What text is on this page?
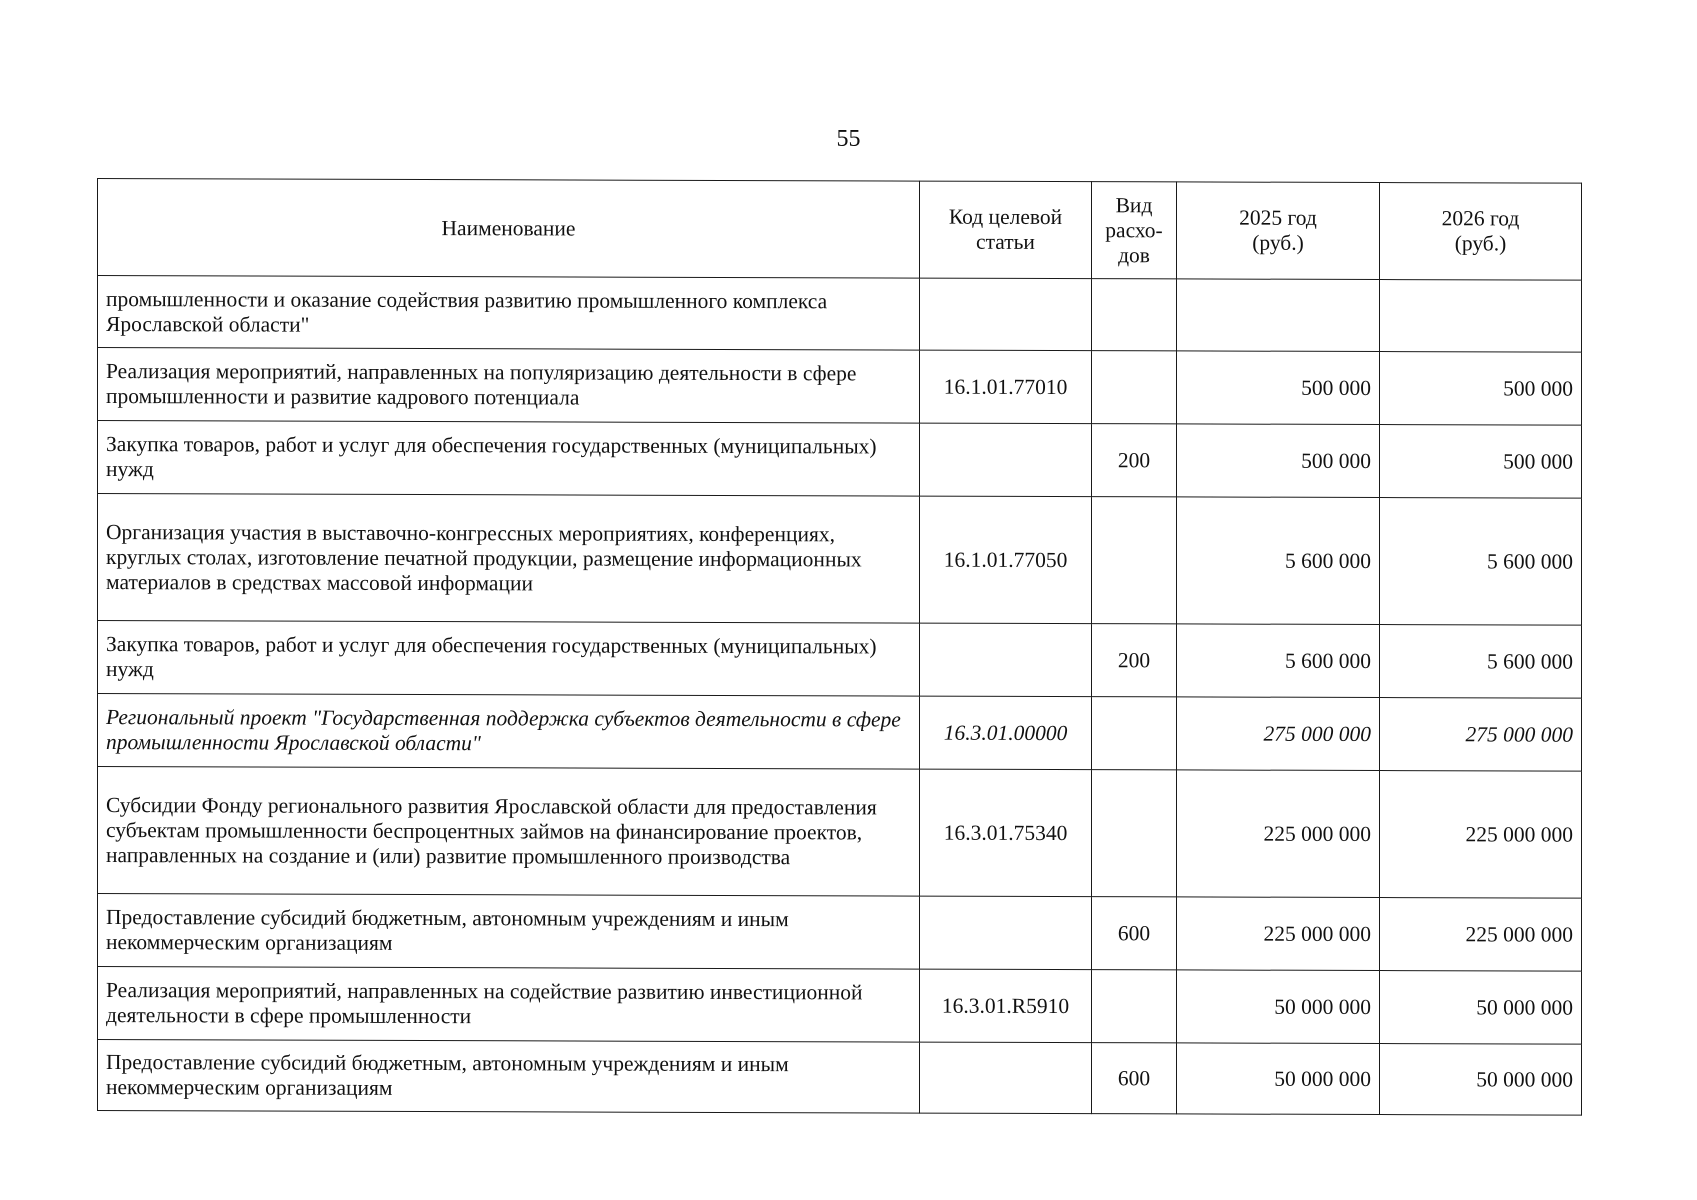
55
Наименование	Код целевой статьи	Вид расхо-дов	2025 год (руб.)	2026 год (руб.)
промышленности и оказание содействия развитию промышленного комплекса Ярославской области"				
Реализация мероприятий, направленных на популяризацию деятельности в сфере промышленности и развитие кадрового потенциала	16.1.01.77010		500 000	500 000
Закупка товаров, работ и услуг для обеспечения государственных (муниципальных) нужд		200	500 000	500 000
Организация участия в выставочно-конгрессных мероприятиях, конференциях, круглых столах, изготовление печатной продукции, размещение информационных материалов в средствах массовой информации	16.1.01.77050		5 600 000	5 600 000
Закупка товаров, работ и услуг для обеспечения государственных (муниципальных) нужд		200	5 600 000	5 600 000
Региональный проект "Государственная поддержка субъектов деятельности в сфере промышленности Ярославской области"	16.3.01.00000		275 000 000	275 000 000
Субсидии Фонду регионального развития Ярославской области для предоставления субъектам промышленности беспроцентных займов на финансирование проектов, направленных на создание и (или) развитие промышленного производства	16.3.01.75340		225 000 000	225 000 000
Предоставление субсидий бюджетным, автономным учреждениям и иным некоммерческим организациям		600	225 000 000	225 000 000
Реализация мероприятий, направленных на содействие развитию инвестиционной деятельности в сфере промышленности	16.3.01.R5910		50 000 000	50 000 000
Предоставление субсидий бюджетным, автономным учреждениям и иным некоммерческим организациям		600	50 000 000	50 000 000
